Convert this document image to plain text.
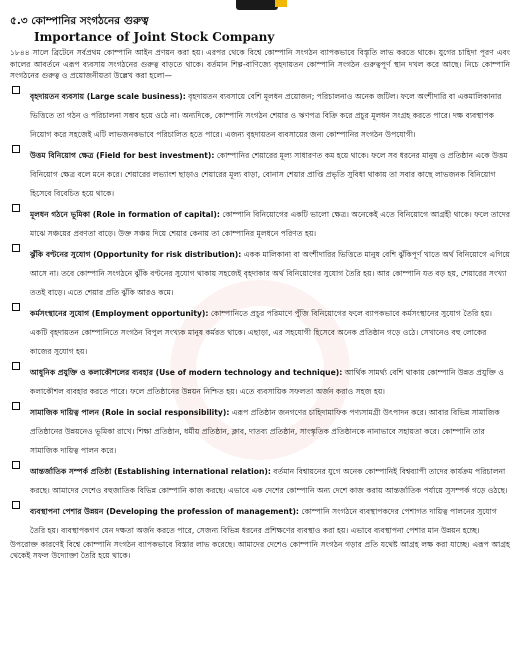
৫.৩ কোম্পানির সংগঠনের গুরুত্ব
Importance of Joint Stock Company

১৮৪৪ সালে ব্রিটেনে সর্বপ্রথম কোম্পানি আইন প্রণয়ন করা হয়। এরপর থেকে বিশ্বে কোম্পানি সংগঠন ব্যাপকভাবে বিস্তৃতি লাভ করতে থাকে। যুগের চাহিদা পূরণ এবং কালের আবর্তনে এরূপ ব্যবসায় সংগঠনের গুরুত্ব বাড়তে থাকে। বর্তমান শিল্প-বাণিজ্যে বৃহদায়তন কোম্পানি সংগঠন গুরুত্বপূর্ণ স্থান দখল করে আছে। নিচে কোম্পানি সংগঠনের গুরুত্ব ও প্রয়োজনীয়তা উল্লেখ করা হলো—

বৃহদায়তন ব্যবসায় (Large scale business): বৃহদায়তন ব্যবসায়ে বেশি মূলধন প্রয়োজন; পরিচালনাও অনেক জটিল। ফলে অংশীদারি বা একমালিকানার ভিত্তিতে তা গঠন ও পরিচালনা সম্ভব হয়ে ওঠে না। অন্যদিকে, কোম্পানি সংগঠন শেয়ার ও ঋণপত্র বিক্রি করে প্রচুর মূলধন সংগ্রহ করতে পারে। দক্ষ ব্যবস্থাপক নিয়োগ করে সহজেই এটি লাভজনকভাবে পরিচালিত হতে পারে। এজন্য বৃহদায়তন ব্যবসায়ের জন্য কোম্পানির সংগঠন উপযোগী।
উত্তম বিনিয়োগ ক্ষেত্র (Field for best investment): কোম্পানির শেয়ারের মূল্য সাধারণত কম হয়ে থাকে। ফলে সব ধরনের মানুষ ও প্রতিষ্ঠান একে উত্তম বিনিয়োগ ক্ষেত্র বলে মনে করে। শেয়ারের লভ্যাংশ ছাড়াও শেয়ারের মূল্য বাড়া, বোনাস শেয়ার প্রাপ্তি প্রভৃতি সুবিধা থাকায় তা সবার কাছে লাভজনক বিনিয়োগ হিসেবে বিবেচিত হয়ে থাকে।
মূলধন গঠনে ভূমিকা (Role in formation of capital): কোম্পানি বিনিয়োগের একটি ভালো ক্ষেত্র। অনেকেই এতে বিনিয়োগে আগ্রহী থাকে। ফলে তাদের মাঝে সঞ্চয়ের প্রবণতা বাড়ে। উক্ত সঞ্চয় দিয়ে শেয়ার কেনায় তা কোম্পানির মূলধনে পরিণত হয়।
ঝুঁকি বণ্টনের সুযোগ (Opportunity for risk distribution): একক মালিকানা বা অংশীদারির ভিত্তিতে মানুষ বেশি ঝুঁকিপূর্ণ খাতে অর্থ বিনিয়োগে এগিয়ে আসে না। তবে কোম্পানি সংগঠনে ঝুঁকি বণ্টনের সুযোগ থাকায় সহজেই বৃহদাকার অর্থ বিনিয়োগের সুযোগ তৈরি হয়। আর কোম্পানি যত বড় হয়, শেয়ারের সংখ্যা ততই বাড়ে। এতে শেয়ার প্রতি ঝুঁকি আরও কমে।
কর্মসংস্থানের সুযোগ (Employment opportunity): কোম্পানিতে প্রচুর পরিমাণে পুঁজি বিনিয়োগের ফলে ব্যাপকভাবে কর্মসংস্থানের সুযোগ তৈরি হয়। একটি বৃহদায়তন কোম্পানিতে সংগঠন বিপুল সংখ্যক মানুষ কর্মরত থাকে। এছাড়া, এর সহযোগী হিসেবে অনেক প্রতিষ্ঠান গড়ে ওঠে। সেখানেও বহু লোকের কাজের সুযোগ হয়।
আধুনিক প্রযুক্তি ও কলাকৌশলের ব্যবহার (Use of modern technology and technique): আর্থিক সামর্থ্য বেশি থাকায় কোম্পানি উন্নত প্রযুক্তি ও কলাকৌশল ব্যবহার করতে পারে। ফলে প্রতিষ্ঠানের উন্নয়ন নিশ্চিত হয়। এতে ব্যবসায়িক সফলতা অর্জন করাও সহজ হয়।
সামাজিক দায়িত্ব পালন (Role in social responsibility): এরূপ প্রতিষ্ঠান জনগণের চাহিদামাফিক পণ্যসামগ্রী উৎপাদন করে। আবার বিভিন্ন সামাজিক প্রতিষ্ঠানের উন্নয়নেও ভূমিকা রাখে। শিক্ষা প্রতিষ্ঠান, ধর্মীয় প্রতিষ্ঠান, ক্লাব, দাতব্য প্রতিষ্ঠান, সাংস্কৃতিক প্রতিষ্ঠানকে নানাভাবে সহায়তা করে। কোম্পানি তার সামাজিক দায়িত্ব পালন করে।
আন্তর্জাতিক সম্পর্ক প্রতিষ্ঠা (Establishing international relation): বর্তমান বিশ্বায়নের যুগে অনেক কোম্পানিই বিশ্বব্যাপী তাদের কার্যক্রম পরিচালনা করছে। আমাদের দেশেও বহুজাতিক বিভিন্ন কোম্পানি কাজ করছে। এভাবে এক দেশের কোম্পানি অন্য দেশে কাজ করায় আন্তর্জাতিক পর্যায়ে সুসম্পর্ক গড়ে ওঠছে।
ব্যবস্থাপনা পেশার উন্নয়ন (Developing the profession of management): কোম্পানি সংগঠনে ব্যবস্থাপকদের পেশাগত দায়িত্ব পালনের সুযোগ তৈরি হয়। ব্যবস্থাপকগণ যেন দক্ষতা অর্জন করতে পারে, সেজন্য বিভিন্ন ধরনের প্রশিক্ষণের ব্যবস্থাও করা হয়। এভাবে ব্যবস্থাপনা পেশার মান উন্নয়ন হচ্ছে।

উপরোক্ত কারণেই বিশ্বে কোম্পানি সংগঠন ব্যাপকভাবে বিস্তার লাভ করেছে। আমাদের দেশেও কোম্পানি সংগঠন গড়ার প্রতি যথেষ্ট আগ্রহ লক্ষ করা যাচ্ছে। এরূপ আগ্রহ থেকেই সফল উদ্যোক্তা তৈরি হয়ে থাকে।
